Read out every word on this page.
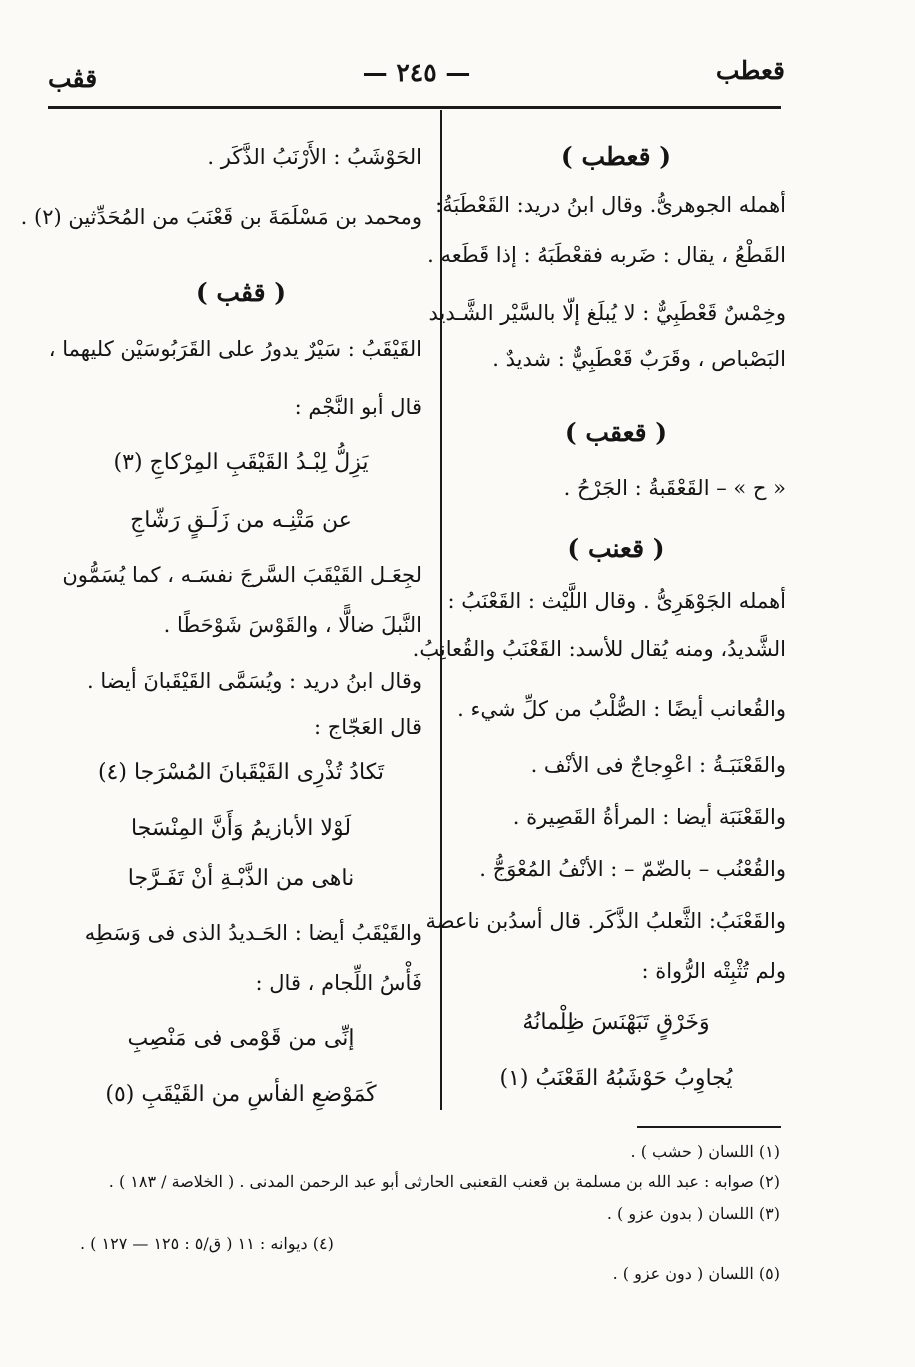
قعطب
— ٢٤٥ —
قڤب
( قعطب )
أهمله الجوهرىُّ. وقال ابنُ دريد: القَعْطَبَةُ:
القَطْعُ ، يقال : ضَربه فقعْطَبَهُ : إذا قَطَعه .
وخِمْسٌ قَعْطَبِيٌّ : لا يُبلَغ إلّا بالسَّيْر الشَّـديد
البَصْباص ، وقَرَبٌ قَعْطَبِيٌّ : شديدٌ .
( قعقب )
« ح » – القَعْقَبةُ : الجَرْحُ .
( قعنب )
أهمله الجَوْهَرِىُّ . وقال اللَّيْث : القَعْنَبُ :
الشَّديدُ، ومنه يُقال للأسد: القَعْنَبُ والقُعانِبُ.
والقُعانب أيضًا : الصُّلْبُ من كلِّ شيء .
والقَعْنَبَـةُ : اعْوِجاجٌ فى الأنْف .
والقَعْنَبَة أيضا : المرأةُ القَصِيرة .
والقُعْنُب – بالضّمّ – : الأنْفُ المُعْوَجُّ .
والقَعْنَبُ: الثَّعلبُ الذَّكَر. قال أسدُبن ناعصة
ولم تُثْبِتْه الرُّواة :
وَخَرْقٍ تَبَهْنَسَ ظِلْمانُهُ
يُجاوِبُ حَوْشَبُهُ القَعْنَبُ (١)
الحَوْشَبُ : الأَرْنَبُ الذَّكَر .
ومحمد بن مَسْلَمَةَ بن قَعْنَبَ من المُحَدِّثين (٢) .
( قڤب )
القَيْقَبُ : سَيْرٌ يدورُ على القَرَبُوسَيْن كليهما ،
قال أبو النَّجْم :
يَزِلُّ لِبْـدُ القَيْقَبِ المِرْكاجِ (٣)
عن مَتْنِـه من زَلَـقٍ رَشّاجِ
لجِعَـل القَيْقَبَ السَّرجَ نفسَـه ، كما يُسَمُّون
النَّبلَ ضالًّا ، والقَوْسَ شَوْحَطًا .
وقال ابنُ دريد : ويُسَمَّى القَيْقَبانَ أيضا .
قال العَجّاج :
تَكادُ تُذْرِى القَيْقَبانَ المُسْرَجا (٤)
لَوْلا الأبازيمُ وَأَنَّ المِنْسَجا
ناهى من الذَّبْـةِ أنْ تَفَـرَّجا
والقَيْقَبُ أيضا : الحَـديدُ الذى فى وَسَطِه
فَأْسُ اللِّجام ، قال :
إنِّى من قَوْمى فى مَنْصِبِ
كَمَوْضعِ الفأسِ من القَيْقَبِ (٥)
(١) اللسان ( حشب ) .
(٢) صوابه : عبد الله بن مسلمة بن قعنب القعنبى الحارثى أبو عبد الرحمن المدنى . ( الخلاصة / ١٨٣ ) .
(٣) اللسان ( بدون عزو ) .
(٤) ديوانه : ١١ ( ق/٥ : ١٢٥ — ١٢٧ ) .
(٥) اللسان ( دون عزو ) .
